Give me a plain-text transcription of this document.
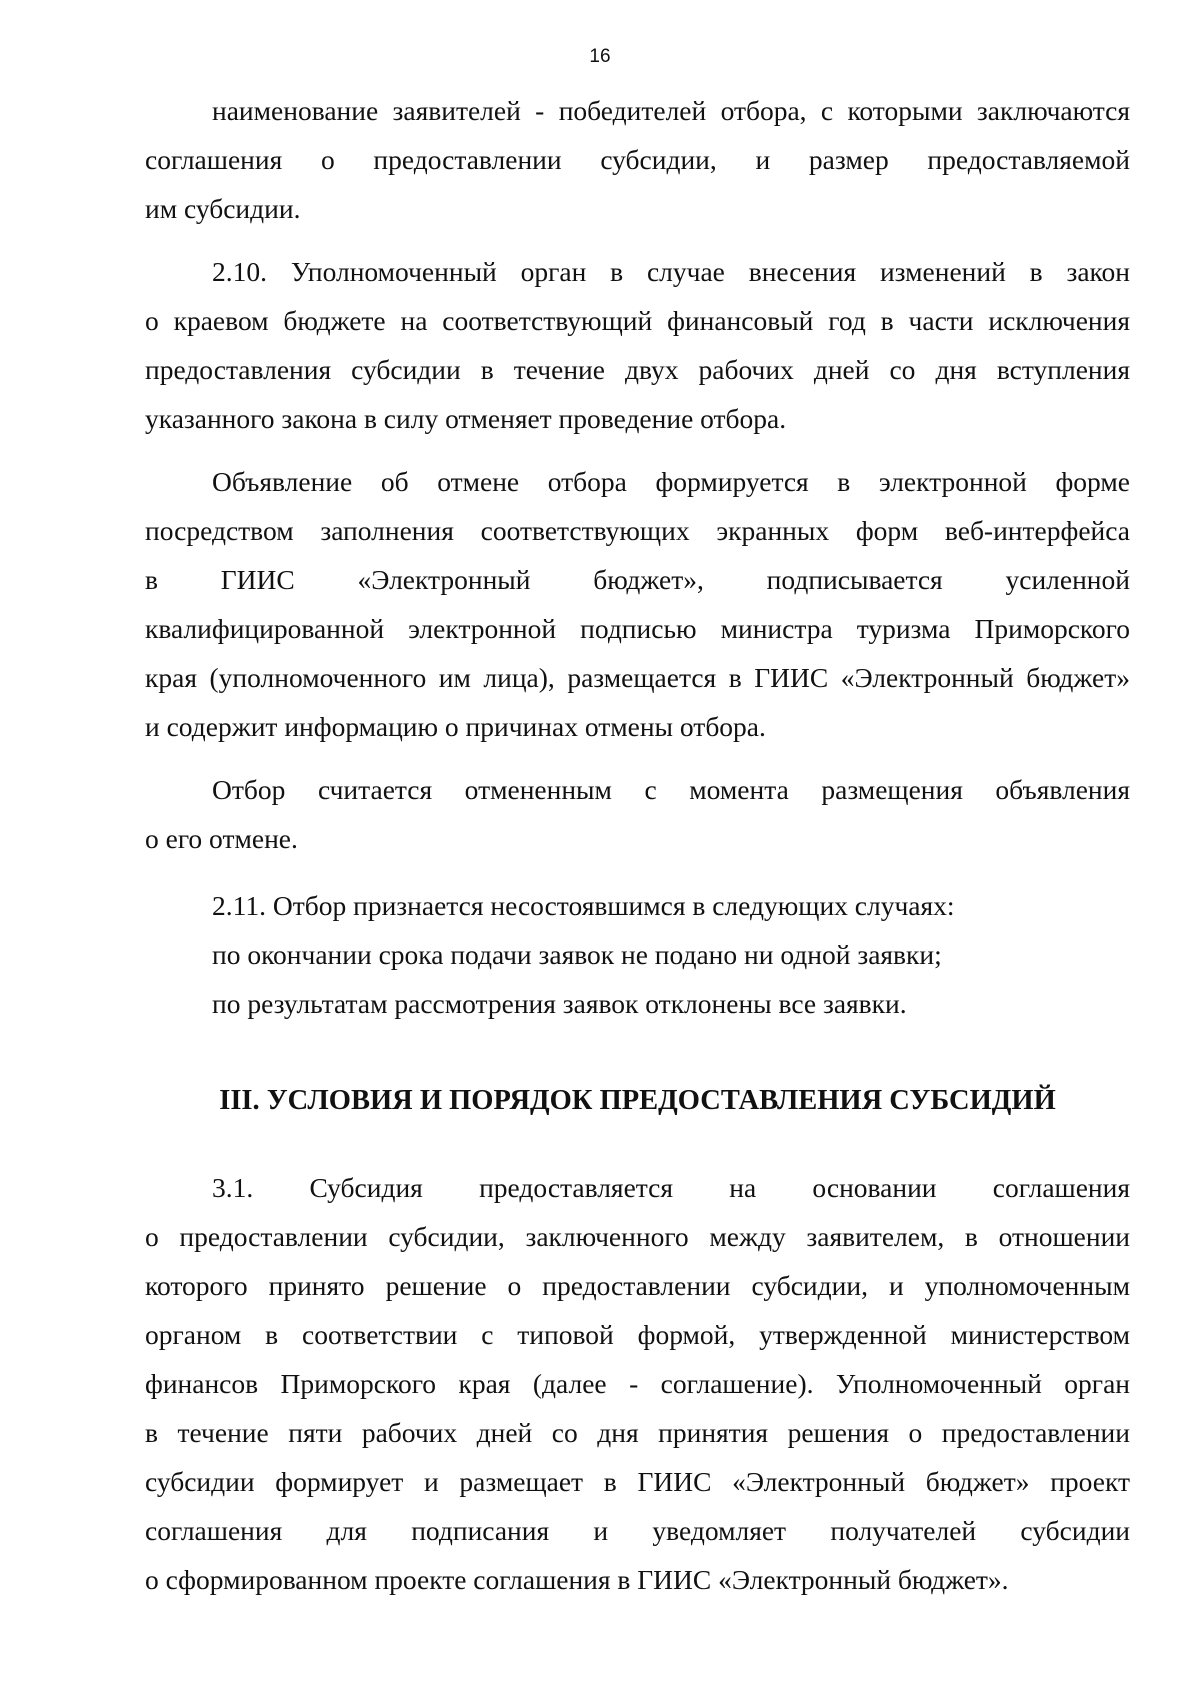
16
наименование заявителей - победителей отбора, с которыми заключаются
соглашения о предоставлении субсидии, и размер предоставляемой
им субсидии.
2.10. Уполномоченный орган в случае внесения изменений в закон
о краевом бюджете на соответствующий финансовый год в части исключения
предоставления субсидии в течение двух рабочих дней со дня вступления
указанного закона в силу отменяет проведение отбора.
Объявление об отмене отбора формируется в электронной форме
посредством заполнения соответствующих экранных форм веб-интерфейса
в ГИИС «Электронный бюджет», подписывается усиленной
квалифицированной электронной подписью министра туризма Приморского
края (уполномоченного им лица), размещается в ГИИС «Электронный бюджет»
и содержит информацию о причинах отмены отбора.
Отбор считается отмененным с момента размещения объявления
о его отмене.

2.11. Отбор признается несостоявшимся в следующих случаях:

по окончании срока подачи заявок не подано ни одной заявки;

по результатам рассмотрения заявок отклонены все заявки.

III. УСЛОВИЯ И ПОРЯДОК ПРЕДОСТАВЛЕНИЯ СУБСИДИЙ
3.1. Субсидия предоставляется на основании соглашения
о предоставлении субсидии, заключенного между заявителем, в отношении
которого принято решение о предоставлении субсидии, и уполномоченным
органом в соответствии с типовой формой, утвержденной министерством
финансов Приморского края (далее - соглашение). Уполномоченный орган
в течение пяти рабочих дней со дня принятия решения о предоставлении
субсидии формирует и размещает в ГИИС «Электронный бюджет» проект
соглашения для подписания и уведомляет получателей субсидии
о сформированном проекте соглашения в ГИИС «Электронный бюджет».
